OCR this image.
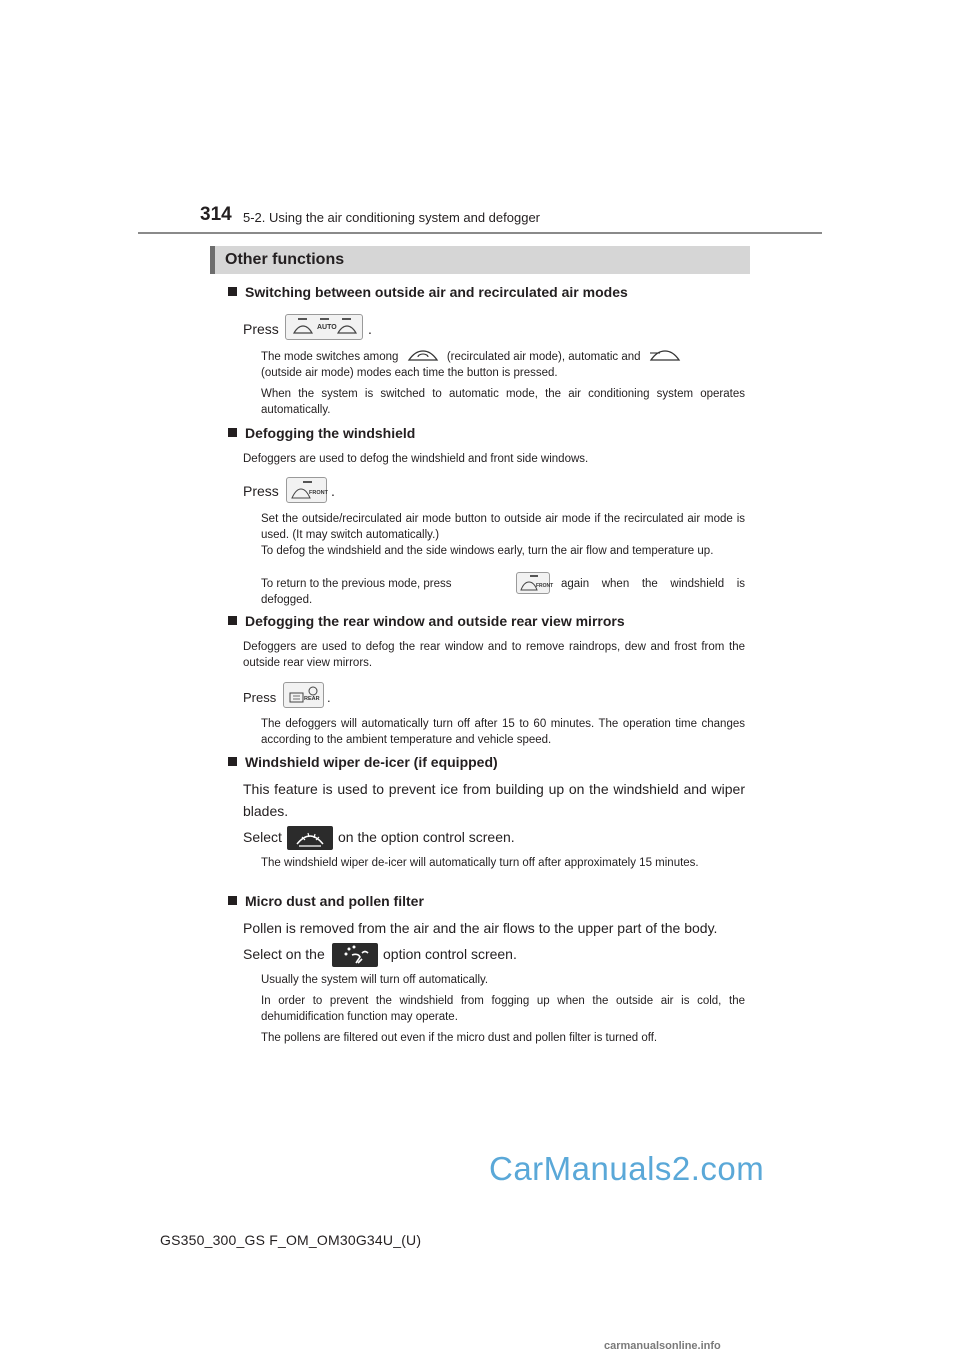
314 5-2. Using the air conditioning system and defogger
Other functions
Switching between outside air and recirculated air modes
Press	AUTO .
The mode switches among	(recirculated air mode), automatic and
(outside air mode) modes each time the button is pressed.
When the system is switched to automatic mode, the air conditioning system operates automatically.
Defogging the windshield
Defoggers are used to defog the windshield and front side windows.
Press	FRONT .
Set the outside/recirculated air mode button to outside air mode if the recirculated air mode is used. (It may switch automatically.)
To defog the windshield and the side windows early, turn the air flow and temperature up.
To return to the previous mode, press	FRONT again when the windshield is defogged.
Defogging the rear window and outside rear view mirrors
Defoggers are used to defog the rear window and to remove raindrops, dew and frost from the outside rear view mirrors.
Press	REAR .
The defoggers will automatically turn off after 15 to 60 minutes. The operation time changes according to the ambient temperature and vehicle speed.
Windshield wiper de-icer (if equipped)
This feature is used to prevent ice from building up on the windshield and wiper blades.
Select	on the option control screen.
The windshield wiper de-icer will automatically turn off after approximately 15 minutes.
Micro dust and pollen filter
Pollen is removed from the air and the air flows to the upper part of the body.
Select on the	option control screen.
Usually the system will turn off automatically.
In order to prevent the windshield from fogging up when the outside air is cold, the dehumidification function may operate.
The pollens are filtered out even if the micro dust and pollen filter is turned off.
CarManuals2.com
GS350_300_GS F_OM_OM30G34U_(U)
carmanualsonline.info
